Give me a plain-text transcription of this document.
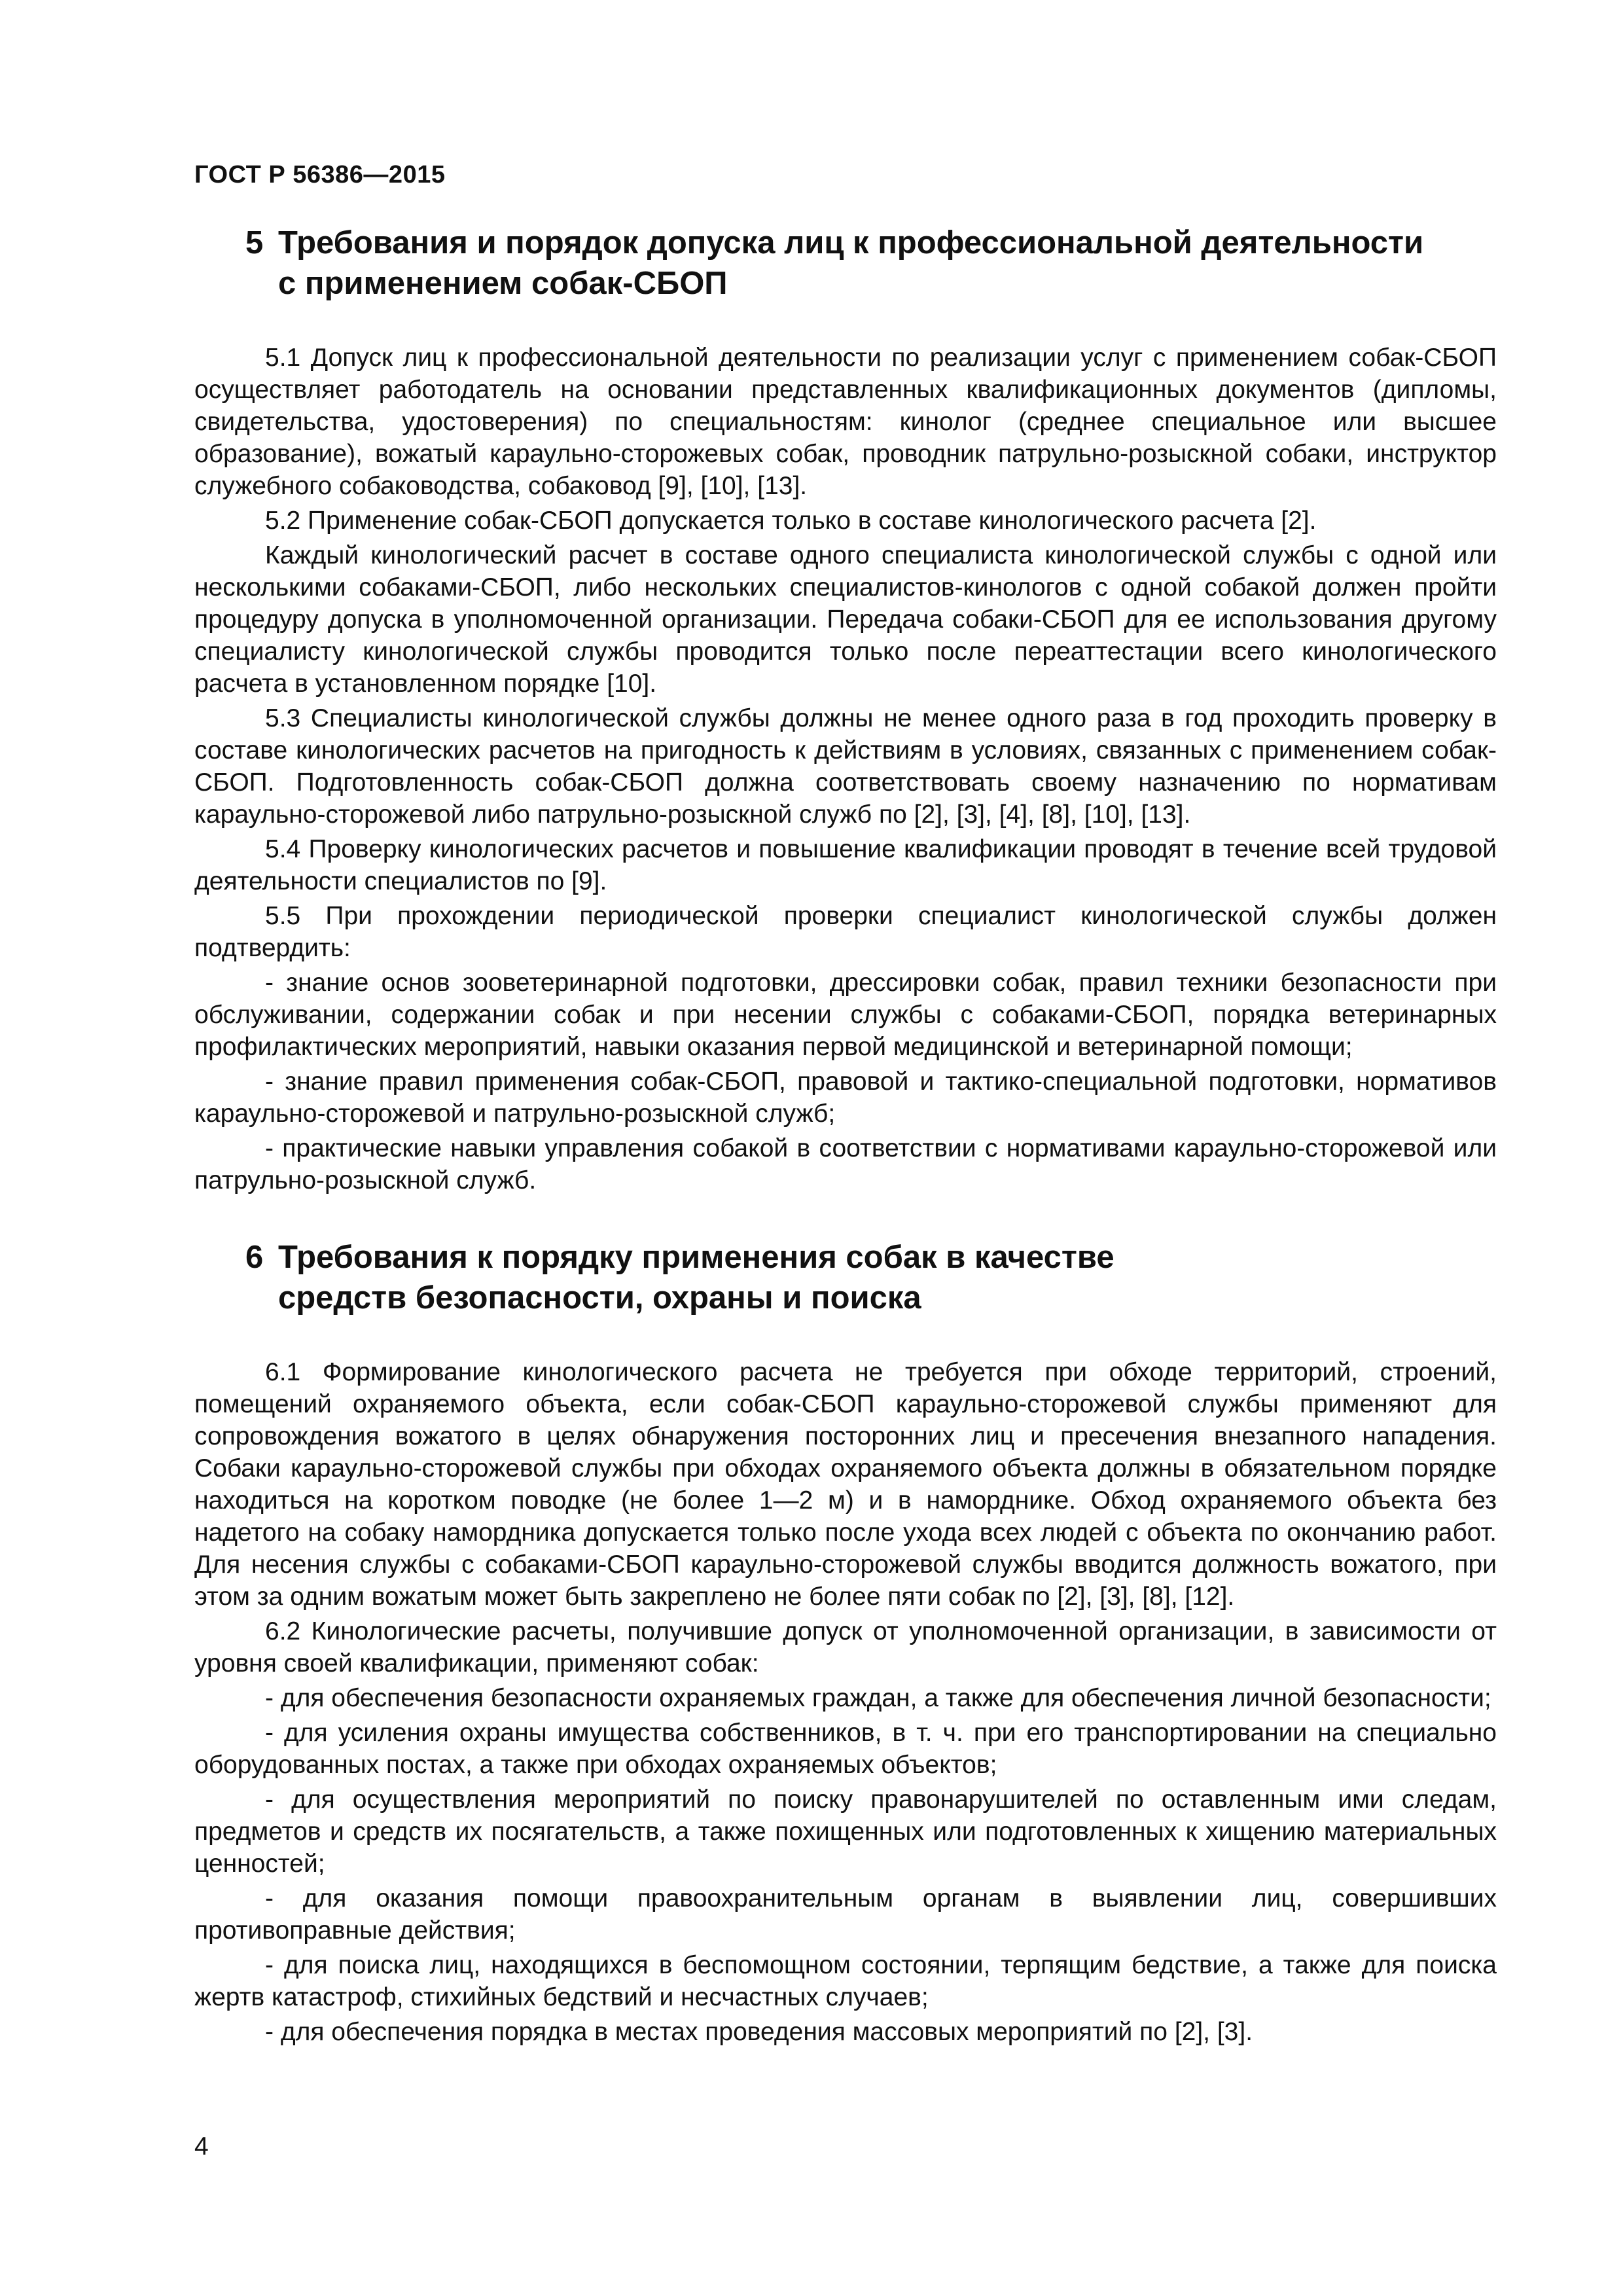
ГОСТ Р 56386—2015
5 Требования и порядок допуска лиц к профессиональной деятельности
с применением собак-СБОП

5.1 Допуск лиц к профессиональной деятельности по реализации услуг с применением собак-СБОП осуществляет работодатель на основании представленных квалификационных документов (дипломы, свидетельства, удостоверения) по специальностям: кинолог (среднее специальное или высшее образование), вожатый караульно-сторожевых собак, проводник патрульно-розыскной собаки, инструктор служебного собаководства, собаковод [9], [10], [13].

5.2 Применение собак-СБОП допускается только в составе кинологического расчета [2].

Каждый кинологический расчет в составе одного специалиста кинологической службы с одной или несколькими собаками-СБОП, либо нескольких специалистов-кинологов с одной собакой должен пройти процедуру допуска в уполномоченной организации. Передача собаки-СБОП для ее использования другому специалисту кинологической службы проводится только после переаттестации всего кинологического расчета в установленном порядке [10].

5.3 Специалисты кинологической службы должны не менее одного раза в год проходить проверку в составе кинологических расчетов на пригодность к действиям в условиях, связанных с применением собак-СБОП. Подготовленность собак-СБОП должна соответствовать своему назначению по нормативам караульно-сторожевой либо патрульно-розыскной служб по [2], [3], [4], [8], [10], [13].

5.4 Проверку кинологических расчетов и повышение квалификации проводят в течение всей трудовой деятельности специалистов по [9].

5.5 При прохождении периодической проверки специалист кинологической службы должен подтвердить:

- знание основ зооветеринарной подготовки, дрессировки собак, правил техники безопасности при обслуживании, содержании собак и при несении службы с собаками-СБОП, порядка ветеринарных профилактических мероприятий, навыки оказания первой медицинской и ветеринарной помощи;

- знание правил применения собак-СБОП, правовой и тактико-специальной подготовки, нормативов караульно-сторожевой и патрульно-розыскной служб;

- практические навыки управления собакой в соответствии с нормативами караульно-сторожевой или патрульно-розыскной служб.

6 Требования к порядку применения собак в качестве
средств безопасности, охраны и поиска

6.1 Формирование кинологического расчета не требуется при обходе территорий, строений, помещений охраняемого объекта, если собак-СБОП караульно-сторожевой службы применяют для сопровождения вожатого в целях обнаружения посторонних лиц и пресечения внезапного нападения. Собаки караульно-сторожевой службы при обходах охраняемого объекта должны в обязательном порядке находиться на коротком поводке (не более 1—2 м) и в наморднике. Обход охраняемого объекта без надетого на собаку намордника допускается только после ухода всех людей с объекта по окончанию работ. Для несения службы с собаками-СБОП караульно-сторожевой службы вводится должность вожатого, при этом за одним вожатым может быть закреплено не более пяти собак по [2], [3], [8], [12].

6.2 Кинологические расчеты, получившие допуск от уполномоченной организации, в зависимости от уровня своей квалификации, применяют собак:

- для обеспечения безопасности охраняемых граждан, а также для обеспечения личной безопасности;

- для усиления охраны имущества собственников, в т. ч. при его транспортировании на специально оборудованных постах, а также при обходах охраняемых объектов;

- для осуществления мероприятий по поиску правонарушителей по оставленным ими следам, предметов и средств их посягательств, а также похищенных или подготовленных к хищению материальных ценностей;

- для оказания помощи правоохранительным органам в выявлении лиц, совершивших противоправные действия;

- для поиска лиц, находящихся в беспомощном состоянии, терпящим бедствие, а также для поиска жертв катастроф, стихийных бедствий и несчастных случаев;

- для обеспечения порядка в местах проведения массовых мероприятий по [2], [3].

4
